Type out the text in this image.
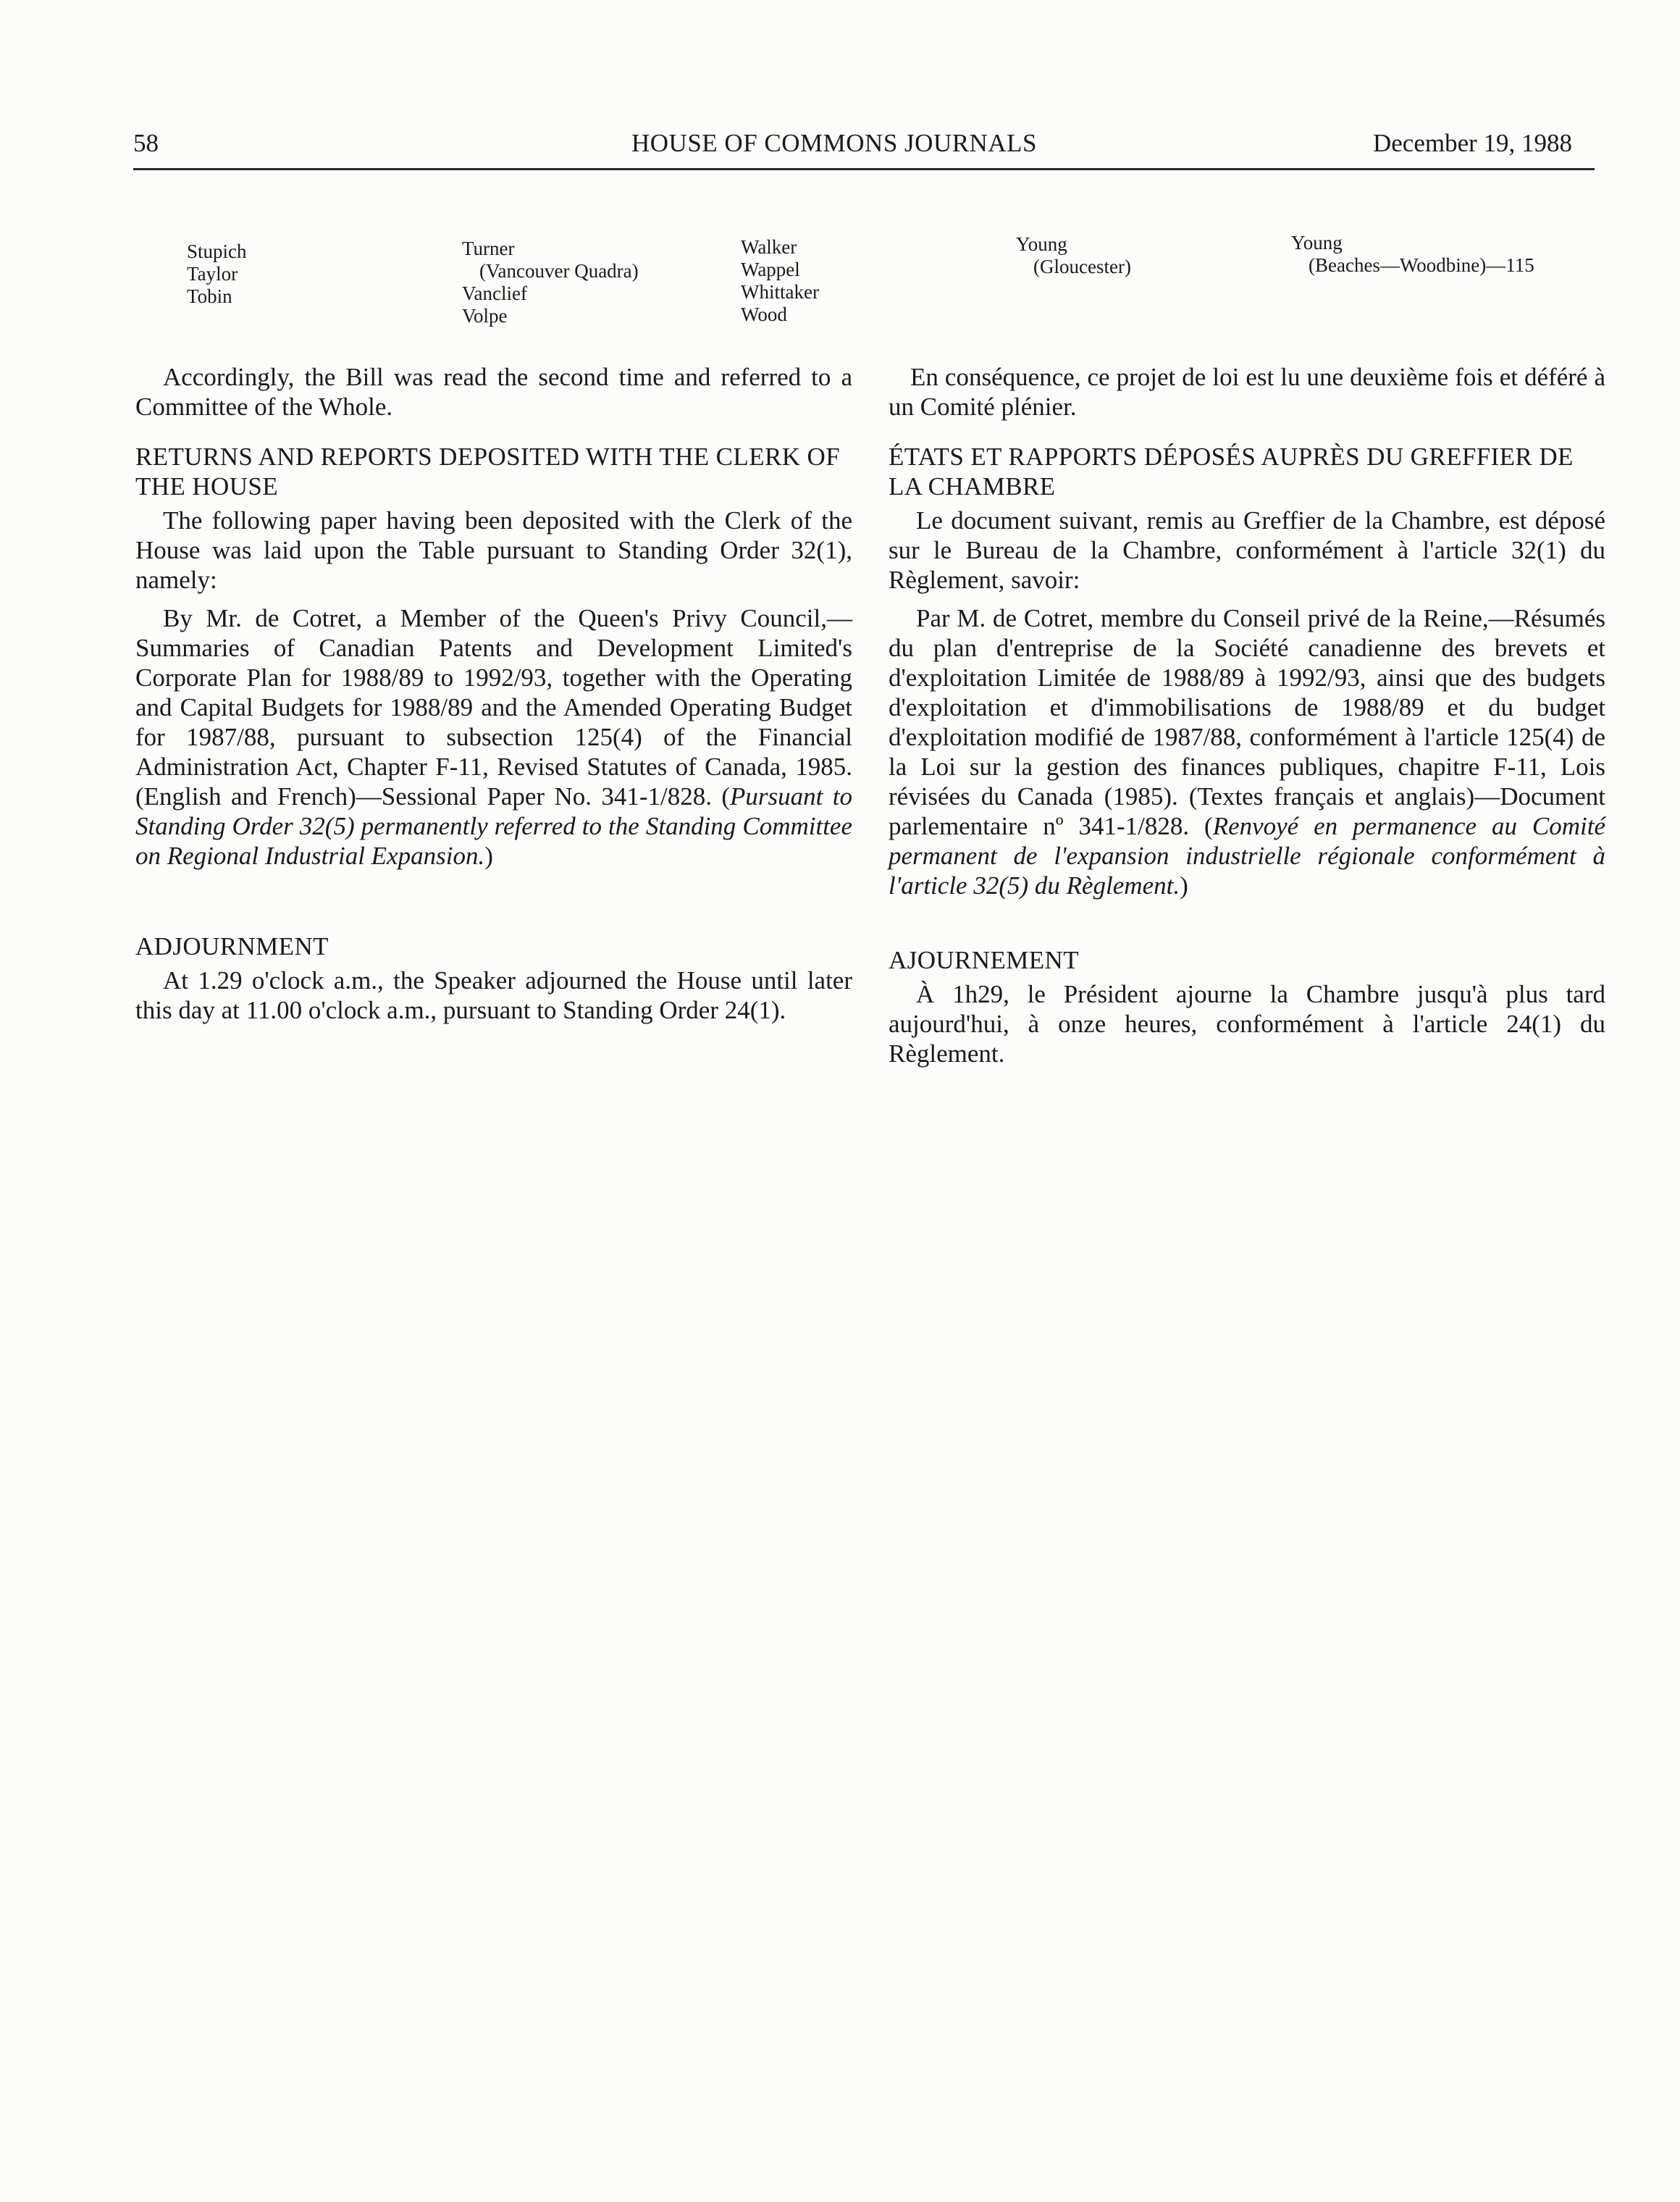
58	HOUSE OF COMMONS JOURNALS	December 19, 1988
Stupich
Taylor
Tobin
Turner
(Vancouver Quadra)
Vanclief
Volpe
Walker
Wappel
Whittaker
Wood
Young
(Gloucester)
Young
(Beaches—Woodbine)—115

Accordingly, the Bill was read the second time and referred to a Committee of the Whole.

RETURNS AND REPORTS DEPOSITED WITH THE CLERK OF THE HOUSE

The following paper having been deposited with the Clerk of the House was laid upon the Table pursuant to Standing Order 32(1), namely:

By Mr. de Cotret, a Member of the Queen's Privy Council,—Summaries of Canadian Patents and Development Limited's Corporate Plan for 1988/89 to 1992/93, together with the Operating and Capital Budgets for 1988/89 and the Amended Operating Budget for 1987/88, pursuant to subsection 125(4) of the Financial Administration Act, Chapter F-11, Revised Statutes of Canada, 1985. (English and French)—Sessional Paper No. 341-1/828. (Pursuant to Standing Order 32(5) permanently referred to the Standing Committee on Regional Industrial Expansion.)

ADJOURNMENT

At 1.29 o'clock a.m., the Speaker adjourned the House until later this day at 11.00 o'clock a.m., pursuant to Standing Order 24(1).

En conséquence, ce projet de loi est lu une deuxième fois et déféré à un Comité plénier.

ÉTATS ET RAPPORTS DÉPOSÉS AUPRÈS DU GREFFIER DE LA CHAMBRE

Le document suivant, remis au Greffier de la Chambre, est déposé sur le Bureau de la Chambre, conformément à l'article 32(1) du Règlement, savoir:

Par M. de Cotret, membre du Conseil privé de la Reine,—Résumés du plan d'entreprise de la Société canadienne des brevets et d'exploitation Limitée de 1988/89 à 1992/93, ainsi que des budgets d'exploitation et d'immobilisations de 1988/89 et du budget d'exploitation modifié de 1987/88, conformément à l'article 125(4) de la Loi sur la gestion des finances publiques, chapitre F-11, Lois révisées du Canada (1985). (Textes français et anglais)—Document parlementaire nº 341-1/828. (Renvoyé en permanence au Comité permanent de l'expansion industrielle régionale conformément à l'article 32(5) du Règlement.)

AJOURNEMENT

À 1h29, le Président ajourne la Chambre jusqu'à plus tard aujourd'hui, à onze heures, conformément à l'article 24(1) du Règlement.
